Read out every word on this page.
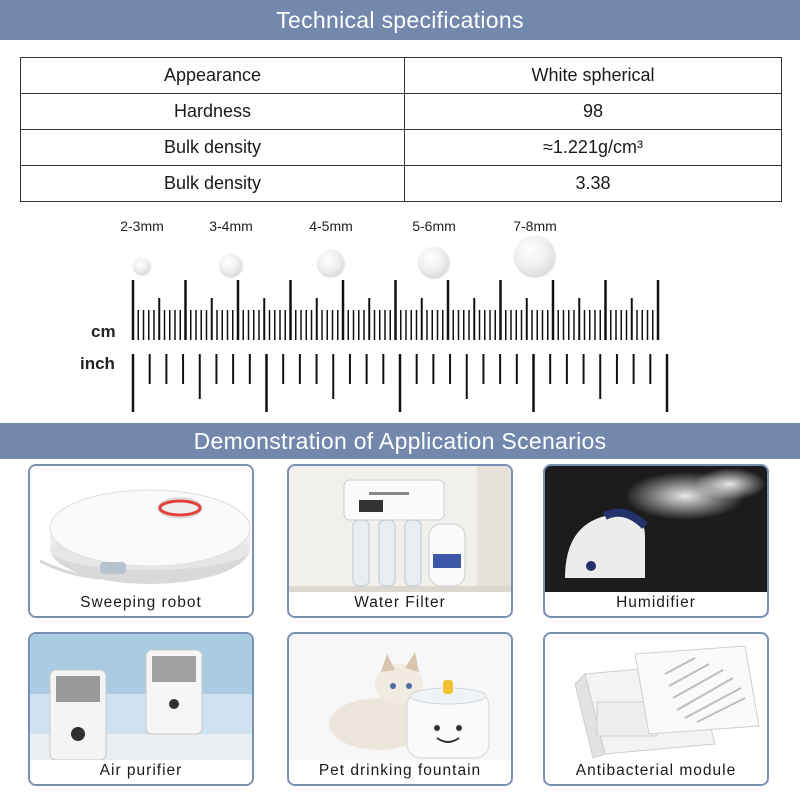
Technical specifications
Appearance	White spherical
Hardness	98
Bulk density	≈1.221g/cm³
Bulk density	3.38
2-3mm	3-4mm	4-5mm	5-6mm	7-8mm
cm
inch
Demonstration of Application Scenarios
Sweeping robot	Water Filter	Humidifier
Air purifier	Pet drinking fountain	Antibacterial module
